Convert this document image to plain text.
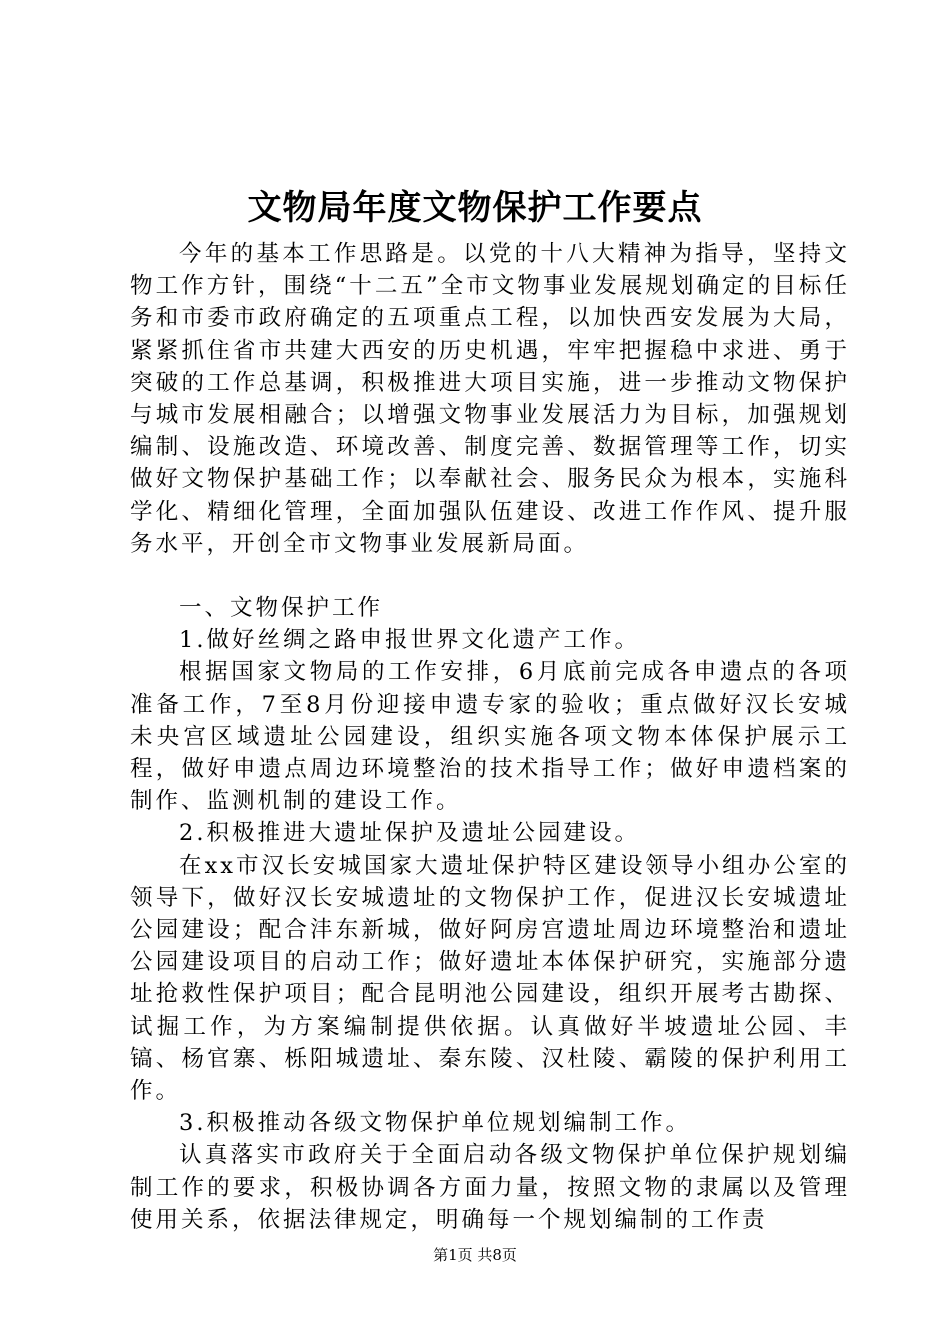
文物局年度文物保护工作要点

今年的基本工作思路是。以党的十八大精神为指导，坚持文物工作方针，围绕“十二五”全市文物事业发展规划确定的目标任务和市委市政府确定的五项重点工程，以加快西安发展为大局，紧紧抓住省市共建大西安的历史机遇，牢牢把握稳中求进、勇于突破的工作总基调，积极推进大项目实施，进一步推动文物保护与城市发展相融合；以增强文物事业发展活力为目标，加强规划编制、设施改造、环境改善、制度完善、数据管理等工作，切实做好文物保护基础工作；以奉献社会、服务民众为根本，实施科学化、精细化管理，全面加强队伍建设、改进工作作风、提升服务水平，开创全市文物事业发展新局面。

一、文物保护工作

1.做好丝绸之路申报世界文化遗产工作。

根据国家文物局的工作安排，6月底前完成各申遗点的各项准备工作，7至8月份迎接申遗专家的验收；重点做好汉长安城未央宫区域遗址公园建设，组织实施各项文物本体保护展示工程，做好申遗点周边环境整治的技术指导工作；做好申遗档案的制作、监测机制的建设工作。

2.积极推进大遗址保护及遗址公园建设。

在xx市汉长安城国家大遗址保护特区建设领导小组办公室的领导下，做好汉长安城遗址的文物保护工作，促进汉长安城遗址公园建设；配合沣东新城，做好阿房宫遗址周边环境整治和遗址公园建设项目的启动工作；做好遗址本体保护研究，实施部分遗址抢救性保护项目；配合昆明池公园建设，组织开展考古勘探、试掘工作，为方案编制提供依据。认真做好半坡遗址公园、丰镐、杨官寨、栎阳城遗址、秦东陵、汉杜陵、霸陵的保护利用工作。

3.积极推动各级文物保护单位规划编制工作。

认真落实市政府关于全面启动各级文物保护单位保护规划编制工作的要求，积极协调各方面力量，按照文物的隶属以及管理使用关系，依据法律规定，明确每一个规划编制的工作责

第1页 共8页
